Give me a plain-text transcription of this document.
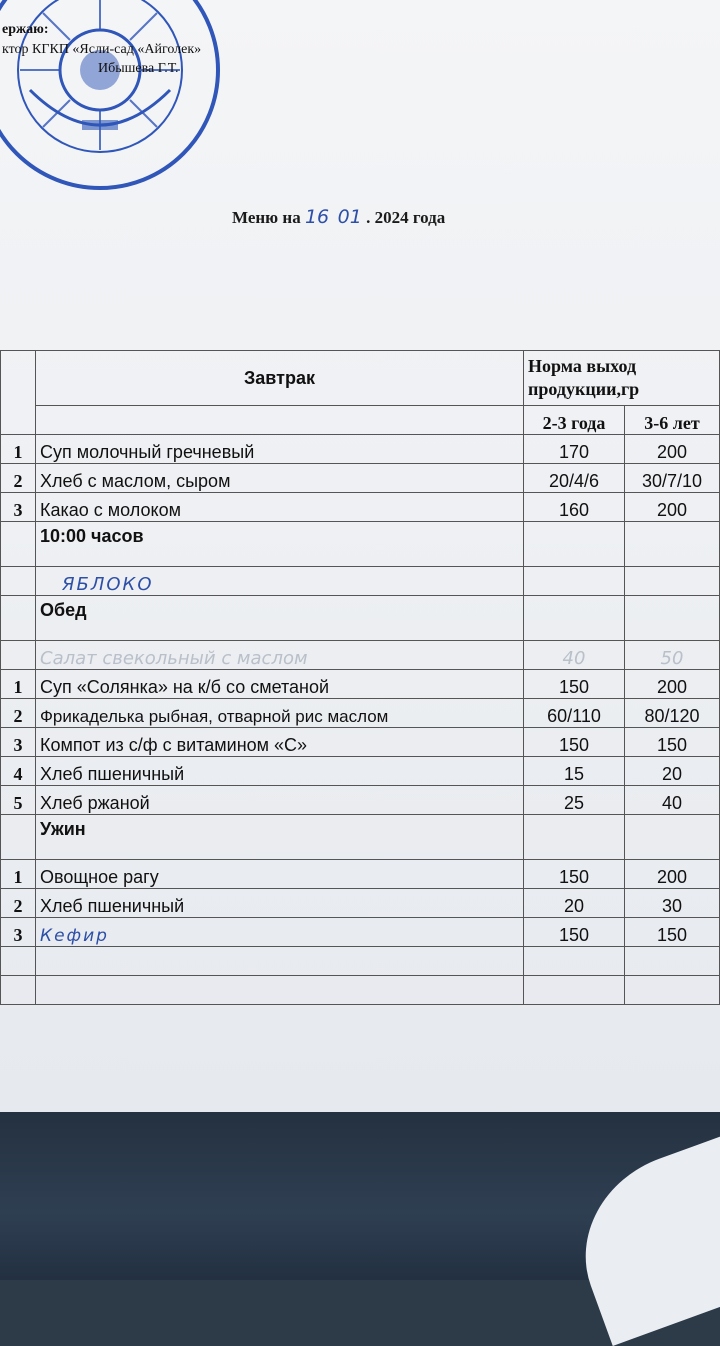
ержаю:
ктор КГКП «Ясли-сад «Айголек»
Ибышева Г.Т.
Меню на 16 01 . 2024 года
	Завтрак	Норма выход продукции,гр	
		2-3 года	3-6 лет
1	Суп молочный гречневый	170	200
2	Хлеб с маслом, сыром	20/4/6	30/7/10
3	Какао с молоком	160	200
	10:00 часов		
	ЯБЛОКО		
	Обед		
	Салат свекольный с маслом	40	50
1	Суп «Солянка» на к/б со сметаной	150	200
2	Фрикаделька рыбная, отварной рис маслом	60/110	80/120
3	Компот из с/ф с витамином «С»	150	150
4	Хлеб пшеничный	15	20
5	Хлеб ржаной	25	40
	Ужин		
1	Овощное рагу	150	200
2	Хлеб пшеничный	20	30
3	Кефир	150	150
